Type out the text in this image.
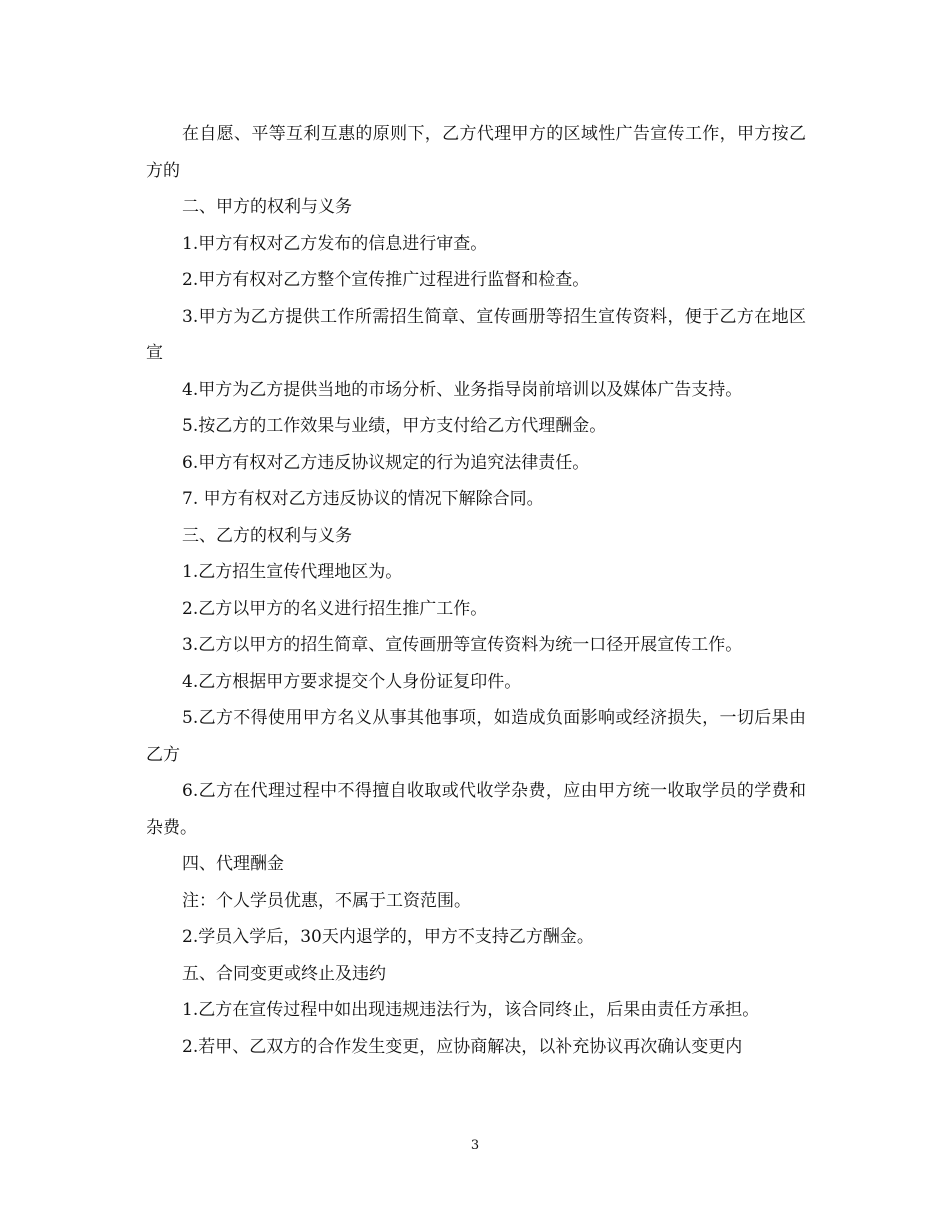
在自愿、平等互利互惠的原则下，乙方代理甲方的区域性广告宣传工作，甲方按乙方的

二、甲方的权利与义务

1.甲方有权对乙方发布的信息进行审查。

2.甲方有权对乙方整个宣传推广过程进行监督和检查。

3.甲方为乙方提供工作所需招生简章、宣传画册等招生宣传资料，便于乙方在地区宣

4.甲方为乙方提供当地的市场分析、业务指导岗前培训以及媒体广告支持。

5.按乙方的工作效果与业绩，甲方支付给乙方代理酬金。

6.甲方有权对乙方违反协议规定的行为追究法律责任。

7. 甲方有权对乙方违反协议的情况下解除合同。

三、乙方的权利与义务

1.乙方招生宣传代理地区为。

2.乙方以甲方的名义进行招生推广工作。

3.乙方以甲方的招生简章、宣传画册等宣传资料为统一口径开展宣传工作。

4.乙方根据甲方要求提交个人身份证复印件。

5.乙方不得使用甲方名义从事其他事项，如造成负面影响或经济损失，一切后果由乙方

6.乙方在代理过程中不得擅自收取或代收学杂费，应由甲方统一收取学员的学费和杂费。

四、代理酬金

注：个人学员优惠，不属于工资范围。

2.学员入学后，30天内退学的，甲方不支持乙方酬金。

五、合同变更或终止及违约

1.乙方在宣传过程中如出现违规违法行为，该合同终止，后果由责任方承担。

2.若甲、乙双方的合作发生变更，应协商解决，以补充协议再次确认变更内

3
